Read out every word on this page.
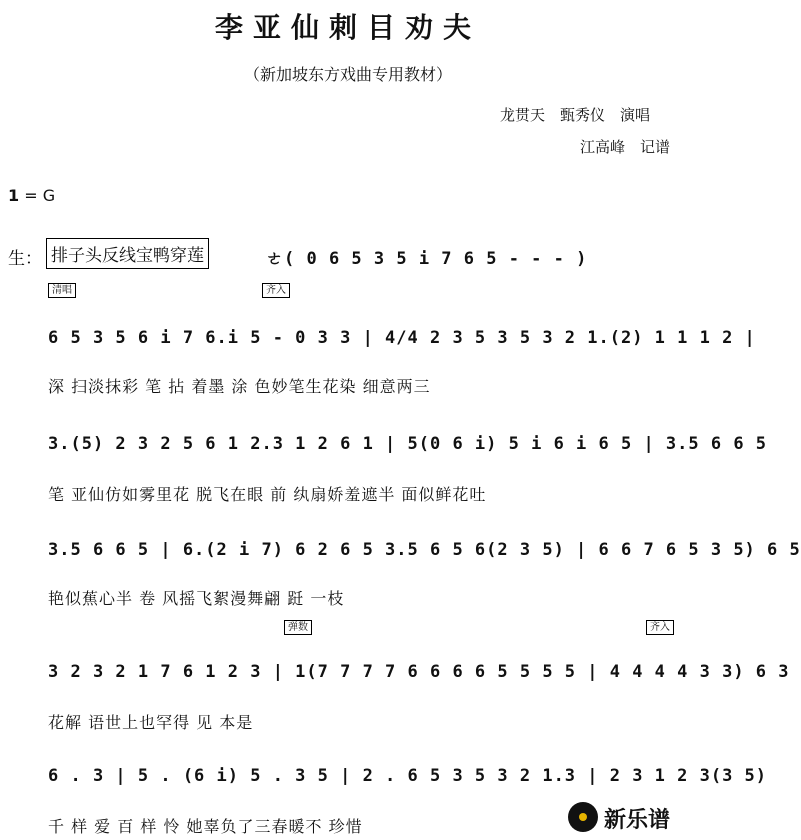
李亚仙刺目劝夫
（新加坡东方戏曲专用教材）
龙贯天　甄秀仪　演唱
江高峰　记谱
1 = G
生： 排子头反线宝鸭穿莲
清唱	齐入
弹数	齐入
ㄜ( 0 6 5 3 5 i 7 6 5 - - - )
6 5 3 5 6 i 7 6.i 5 - 0 3 3 | 4/4 2 3 5 3 5 3 2 1.(2) 1 1 1 2 |
深 扫淡抹彩 笔 拈 着墨 涂 色妙笔生花染 细意两三
3.(5) 2 3 2 5 6 1 2.3 1 2 6 1 | 5(0 6 i) 5 i 6 i 6 5 | 3.5 6 6 5
笔 亚仙仿如雾里花 脱飞在眼 前 纨扇娇羞遮半 面似鲜花吐
3.5 6 6 5 | 6.(2 i 7) 6 2 6 5 3.5 6 5 6(2 3 5) | 6 6 7 6 5 3 5) 6 5
艳似蕉心半 卷 风摇飞絮漫舞翩 跹 一枝
3 2 3 2 1 7 6 1 2 3 | 1(7 7 7 7 6 6 6 6 5 5 5 5 | 4 4 4 4 3 3) 6 3
花解 语世上也罕得 见 本是
6 . 3 | 5 . (6 i) 5 . 3 5 | 2 . 6 5 3 5 3 2 1.3 | 2 3 1 2 3(3 5)
千 样 爱 百 样 怜 她辜负了三春暖不 珍惜	新乐谱
